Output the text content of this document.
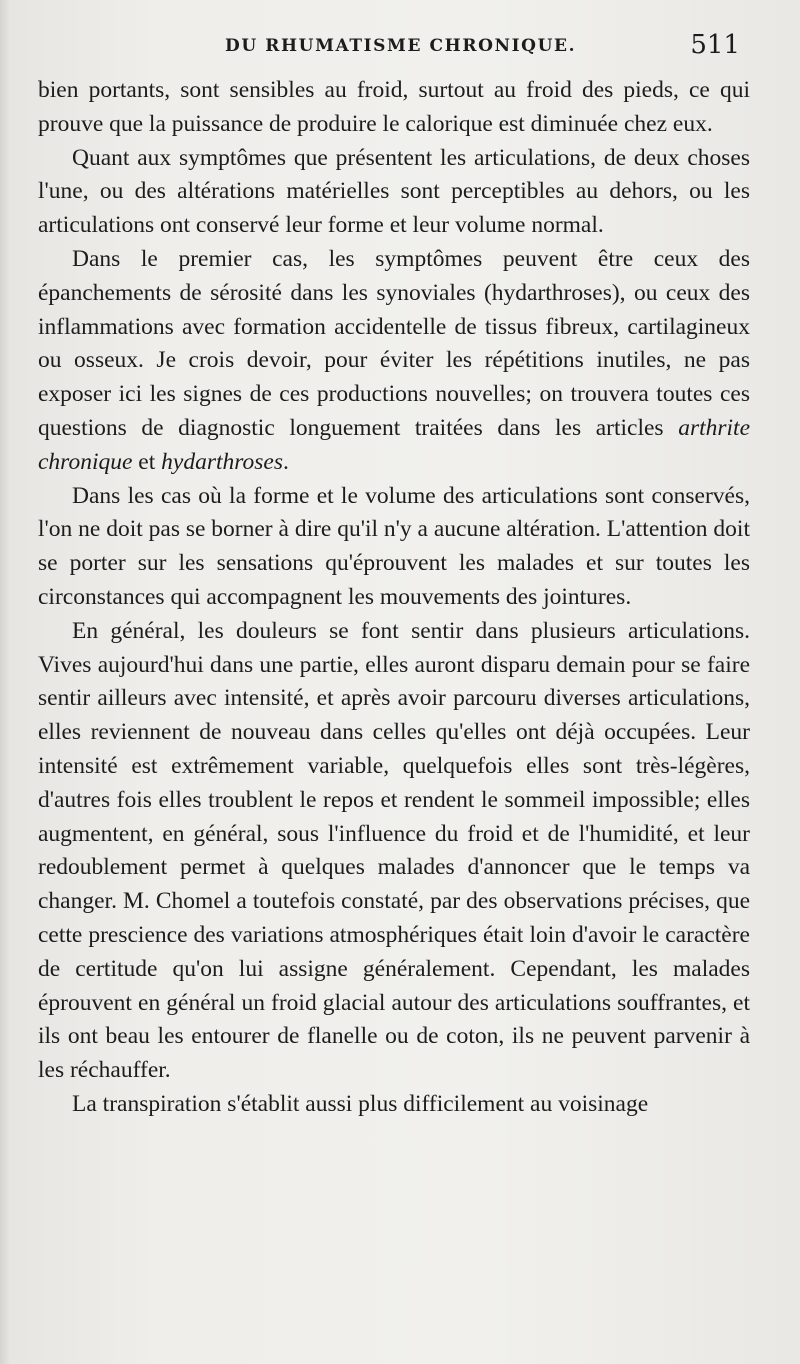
DU RHUMATISME CHRONIQUE.	511

bien portants, sont sensibles au froid, surtout au froid des pieds, ce qui prouve que la puissance de produire le calorique est diminuée chez eux.

Quant aux symptômes que présentent les articulations, de deux choses l'une, ou des altérations matérielles sont perceptibles au dehors, ou les articulations ont conservé leur forme et leur volume normal.

Dans le premier cas, les symptômes peuvent être ceux des épanchements de sérosité dans les synoviales (hydarthroses), ou ceux des inflammations avec formation accidentelle de tissus fibreux, cartilagineux ou osseux. Je crois devoir, pour éviter les répétitions inutiles, ne pas exposer ici les signes de ces productions nouvelles; on trouvera toutes ces questions de diagnostic longuement traitées dans les articles arthrite chronique et hydarthroses.

Dans les cas où la forme et le volume des articulations sont conservés, l'on ne doit pas se borner à dire qu'il n'y a aucune altération. L'attention doit se porter sur les sensations qu'éprouvent les malades et sur toutes les circonstances qui accompagnent les mouvements des jointures.

En général, les douleurs se font sentir dans plusieurs articulations. Vives aujourd'hui dans une partie, elles auront disparu demain pour se faire sentir ailleurs avec intensité, et après avoir parcouru diverses articulations, elles reviennent de nouveau dans celles qu'elles ont déjà occupées. Leur intensité est extrêmement variable, quelquefois elles sont très-légères, d'autres fois elles troublent le repos et rendent le sommeil impossible; elles augmentent, en général, sous l'influence du froid et de l'humidité, et leur redoublement permet à quelques malades d'annoncer que le temps va changer. M. Chomel a toutefois constaté, par des observations précises, que cette prescience des variations atmosphériques était loin d'avoir le caractère de certitude qu'on lui assigne généralement. Cependant, les malades éprouvent en général un froid glacial autour des articulations souffrantes, et ils ont beau les entourer de flanelle ou de coton, ils ne peuvent parvenir à les réchauffer.

La transpiration s'établit aussi plus difficilement au voisinage
